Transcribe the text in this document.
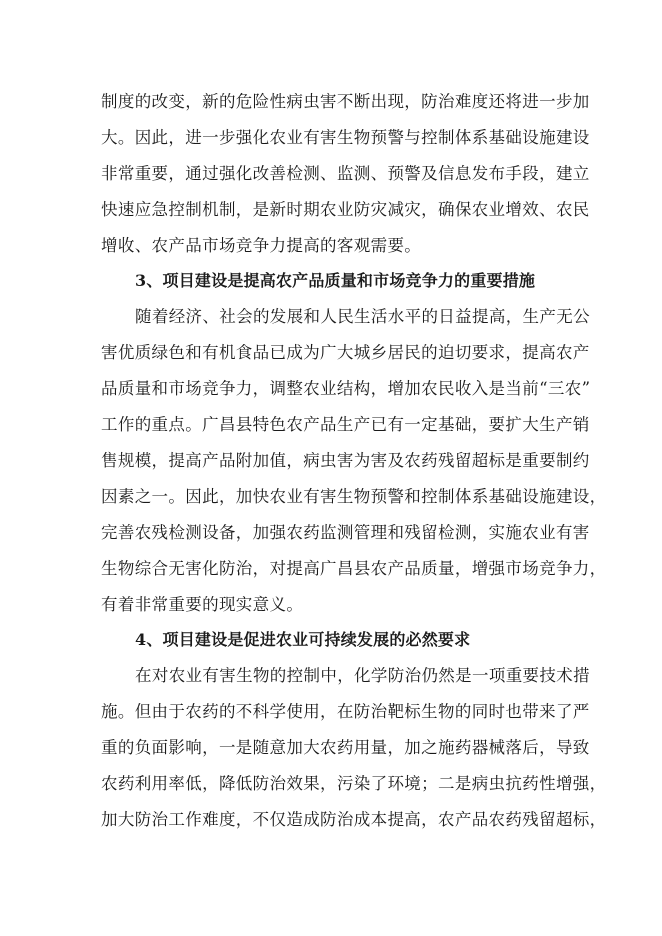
制度的改变，新的危险性病虫害不断出现，防治难度还将进一步加
大。因此，进一步强化农业有害生物预警与控制体系基础设施建设
非常重要，通过强化改善检测、监测、预警及信息发布手段，建立
快速应急控制机制，是新时期农业防灾减灾，确保农业增效、农民
增收、农产品市场竞争力提高的客观需要。
3、项目建设是提高农产品质量和市场竞争力的重要措施
随着经济、社会的发展和人民生活水平的日益提高，生产无公
害优质绿色和有机食品已成为广大城乡居民的迫切要求，提高农产
品质量和市场竞争力，调整农业结构，增加农民收入是当前“三农”
工作的重点。广昌县特色农产品生产已有一定基础，要扩大生产销
售规模，提高产品附加值，病虫害为害及农药残留超标是重要制约
因素之一。因此，加快农业有害生物预警和控制体系基础设施建设，
完善农残检测设备，加强农药监测管理和残留检测，实施农业有害
生物综合无害化防治，对提高广昌县农产品质量，增强市场竞争力，
有着非常重要的现实意义。
4、项目建设是促进农业可持续发展的必然要求
在对农业有害生物的控制中，化学防治仍然是一项重要技术措
施。但由于农药的不科学使用，在防治靶标生物的同时也带来了严
重的负面影响，一是随意加大农药用量，加之施药器械落后，导致
农药利用率低，降低防治效果，污染了环境；二是病虫抗药性增强，
加大防治工作难度，不仅造成防治成本提高，农产品农药残留超标，
